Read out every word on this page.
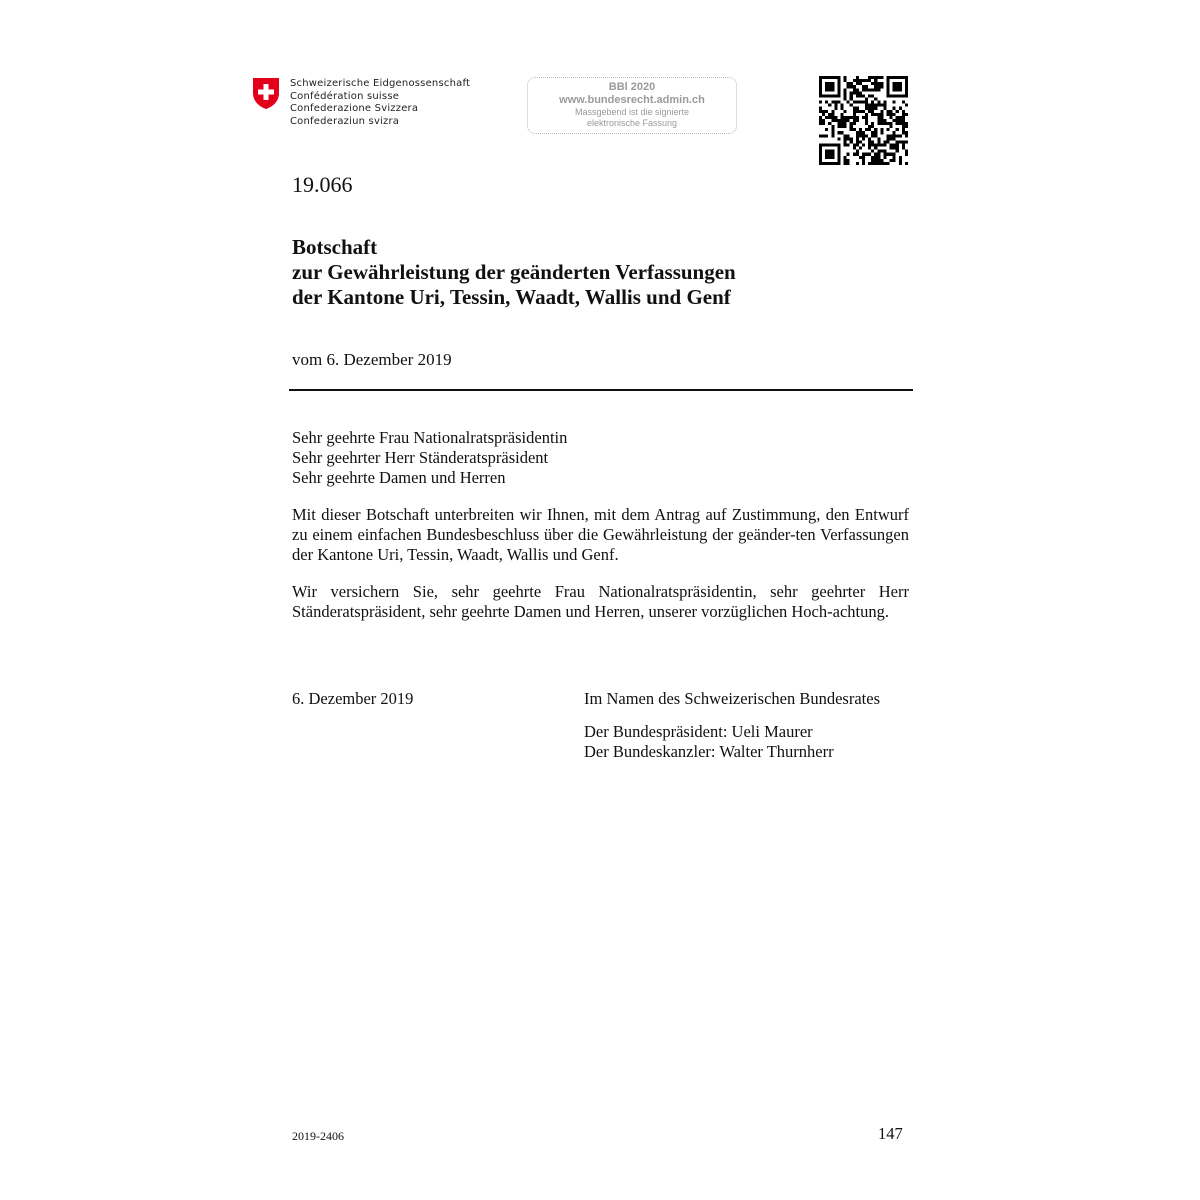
Schweizerische Eidgenossenschaft
Confédération suisse
Confederazione Svizzera
Confederaziun svizra
BBl 2020
www.bundesrecht.admin.ch
Massgebend ist die signierte
elektronische Fassung
19.066
Botschaft
zur Gewährleistung der geänderten Verfassungen
der Kantone Uri, Tessin, Waadt, Wallis und Genf
vom 6. Dezember 2019
Sehr geehrte Frau Nationalratspräsidentin
Sehr geehrter Herr Ständeratspräsident
Sehr geehrte Damen und Herren
Mit dieser Botschaft unterbreiten wir Ihnen, mit dem Antrag auf Zustimmung, den Entwurf zu einem einfachen Bundesbeschluss über die Gewährleistung der geänder-ten Verfassungen der Kantone Uri, Tessin, Waadt, Wallis und Genf.
Wir versichern Sie, sehr geehrte Frau Nationalratspräsidentin, sehr geehrter Herr Ständeratspräsident, sehr geehrte Damen und Herren, unserer vorzüglichen Hoch-achtung.
6. Dezember 2019	Im Namen des Schweizerischen Bundesrates
Der Bundespräsident: Ueli Maurer
Der Bundeskanzler: Walter Thurnherr
2019-2406	147
